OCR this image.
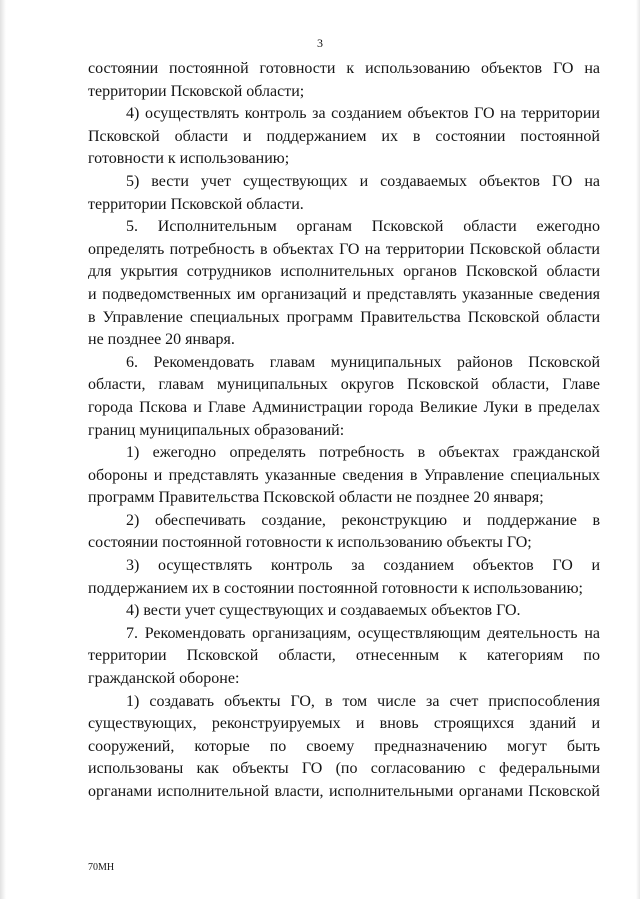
3
состоянии постоянной готовности к использованию объектов ГО на
территории Псковской области;
4) осуществлять контроль за созданием объектов ГО на территории
Псковской области и поддержанием их в состоянии постоянной
готовности к использованию;
5) вести учет существующих и создаваемых объектов ГО на
территории Псковской области.
5. Исполнительным органам Псковской области ежегодно
определять потребность в объектах ГО на территории Псковской области
для укрытия сотрудников исполнительных органов Псковской области
и подведомственных им организаций и представлять указанные сведения
в Управление специальных программ Правительства Псковской области
не позднее 20 января.
6. Рекомендовать главам муниципальных районов Псковской
области, главам муниципальных округов Псковской области, Главе
города Пскова и Главе Администрации города Великие Луки в пределах
границ муниципальных образований:
1) ежегодно определять потребность в объектах гражданской
обороны и представлять указанные сведения в Управление специальных
программ Правительства Псковской области не позднее 20 января;
2) обеспечивать создание, реконструкцию и поддержание в
состоянии постоянной готовности к использованию объекты ГО;
3) осуществлять контроль за созданием объектов ГО и
поддержанием их в состоянии постоянной готовности к использованию;
4) вести учет существующих и создаваемых объектов ГО.
7. Рекомендовать организациям, осуществляющим деятельность на
территории Псковской области, отнесенным к категориям по
гражданской обороне:
1) создавать объекты ГО, в том числе за счет приспособления
существующих, реконструируемых и вновь строящихся зданий и
сооружений, которые по своему предназначению могут быть
использованы как объекты ГО (по согласованию с федеральными
органами исполнительной власти, исполнительными органами Псковской
70МН
